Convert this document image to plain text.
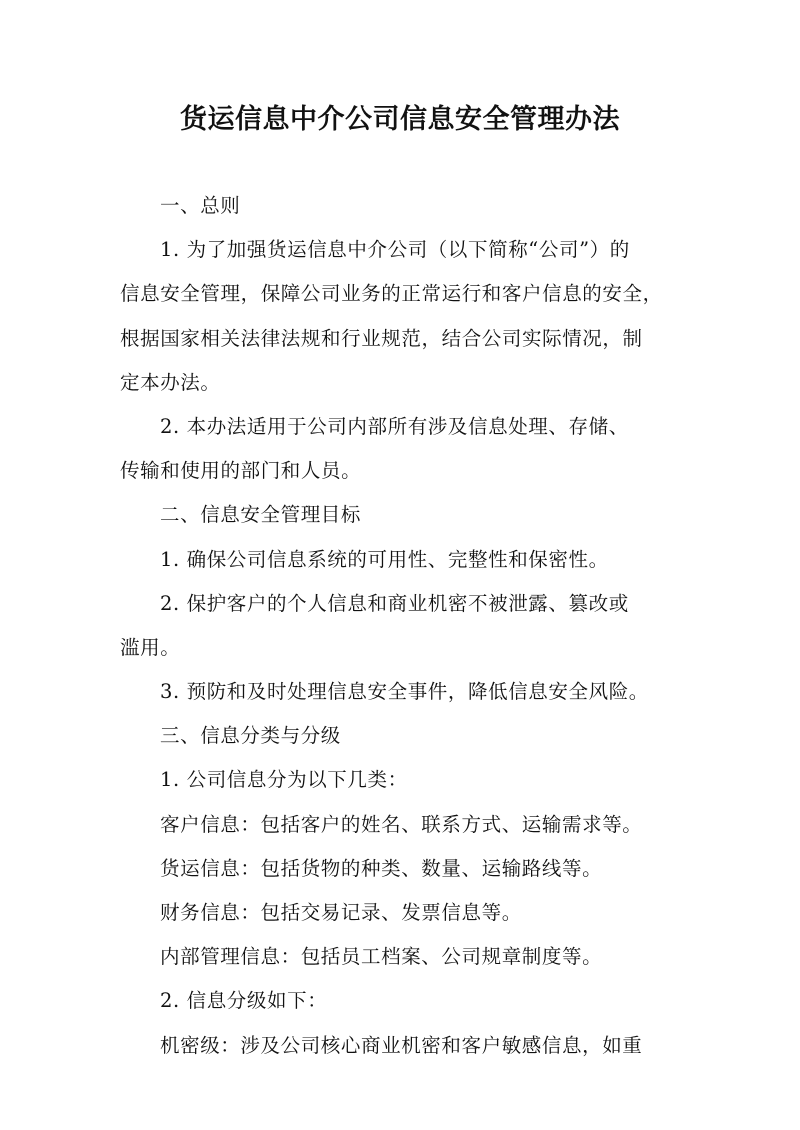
货运信息中介公司信息安全管理办法
一、总则
1. 为了加强货运信息中介公司（以下简称“公司”）的
信息安全管理，保障公司业务的正常运行和客户信息的安全，
根据国家相关法律法规和行业规范，结合公司实际情况，制
定本办法。
2. 本办法适用于公司内部所有涉及信息处理、存储、
传输和使用的部门和人员。
二、信息安全管理目标
1. 确保公司信息系统的可用性、完整性和保密性。
2. 保护客户的个人信息和商业机密不被泄露、篡改或
滥用。
3. 预防和及时处理信息安全事件，降低信息安全风险。
三、信息分类与分级
1. 公司信息分为以下几类：
客户信息：包括客户的姓名、联系方式、运输需求等。
货运信息：包括货物的种类、数量、运输路线等。
财务信息：包括交易记录、发票信息等。
内部管理信息：包括员工档案、公司规章制度等。
2. 信息分级如下：
机密级：涉及公司核心商业机密和客户敏感信息，如重
